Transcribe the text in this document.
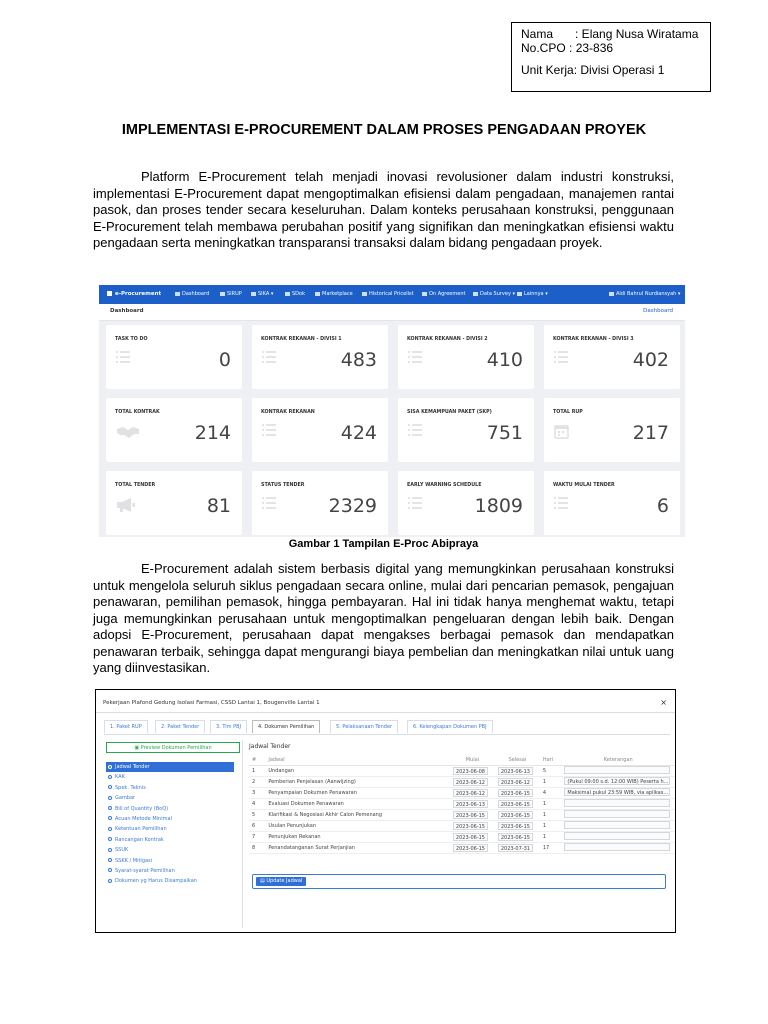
Nama : Elang Nusa Wiratama
No.CPO : 23-836
Unit Kerja: Divisi Operasi 1
IMPLEMENTASI E-PROCUREMENT DALAM PROSES PENGADAAN PROYEK

Platform E-Procurement telah menjadi inovasi revolusioner dalam industri konstruksi, implementasi E-Procurement dapat mengoptimalkan efisiensi dalam pengadaan, manajemen rantai pasok, dan proses tender secara keseluruhan. Dalam konteks perusahaan konstruksi, penggunaan E-Procurement telah membawa perubahan positif yang signifikan dan meningkatkan efisiensi waktu pengadaan serta meningkatkan transparansi transaksi dalam bidang pengadaan proyek.

e-Procurement	Dashboard	SIRUP	SIKA ▾	SDok	Marketplace	Historical Pricelist	On Agreement	Data Survey ▾	Lainnya ▾	Aldi Bahrul Nurdiansyah ▾
Dashboard	Dashboard
TASK TO DO
0
KONTRAK REKANAN - DIVISI 1
483
KONTRAK REKANAN - DIVISI 2
410
KONTRAK REKANAN - DIVISI 3
402
TOTAL KONTRAK
214
KONTRAK REKANAN
424
SISA KEMAMPUAN PAKET (SKP)
751
TOTAL RUP
217
TOTAL TENDER
81
STATUS TENDER
2329
EARLY WARNING SCHEDULE
1809
WAKTU MULAI TENDER
6
Gambar 1 Tampilan E-Proc Abipraya

E-Procurement adalah sistem berbasis digital yang memungkinkan perusahaan konstruksi untuk mengelola seluruh siklus pengadaan secara online, mulai dari pencarian pemasok, pengajuan penawaran, pemilihan pemasok, hingga pembayaran. Hal ini tidak hanya menghemat waktu, tetapi juga memungkinkan perusahaan untuk mengoptimalkan pengeluaran dengan lebih baik. Dengan adopsi E-Procurement, perusahaan dapat mengakses berbagai pemasok dan mendapatkan penawaran terbaik, sehingga dapat mengurangi biaya pembelian dan meningkatkan nilai untuk uang yang diinvestasikan.

Pekerjaan Plafond Gedung Isolasi Farmasi, CSSD Lantai 1, Bougenville Lantai 1	×
1. Paket RUP	2. Paket Tender	3. Tim PBJ	4. Dokumen Pemilihan	5. Pelaksanaan Tender	6. Kelengkapan Dokumen PBJ
▣ Preview Dokumen Pemilihan
Jadwal Tender
KAK
Spek. Teknis
Gambar
Bill of Quantity (BoQ)
Acuan Metode Minimal
Ketentuan Pemilihan
Rancangan Kontrak
SSUK
SSKK / Mitigasi
Syarat-syarat Pemilihan
Dokumen yg Harus Disampaikan
Jadwal Tender
#	Jadwal	Mulai	Selesai	Hari	Keterangan
1	Undangan	2023-06-08	2023-06-13	5	
2	Pemberian Penjelasan (Aanwijzing)	2023-06-12	2023-06-12	1	(Pukul 09:00 s.d. 12:00 WIB) Peserta h...
3	Penyampaian Dokumen Penawaran	2023-06-12	2023-06-15	4	Maksimal pukul 23:59 WIB, via aplikas...
4	Evaluasi Dokumen Penawaran	2023-06-13	2023-06-15	1	
5	Klarifikasi & Negosiasi Akhir Calon Pemenang	2023-06-15	2023-06-15	1	
6	Usulan Penunjukan	2023-06-15	2023-06-15	1	
7	Penunjukan Rekanan	2023-06-15	2023-06-15	1	
8	Penandatanganan Surat Perjanjian	2023-06-15	2023-07-31	17	
▤ Update Jadwal
